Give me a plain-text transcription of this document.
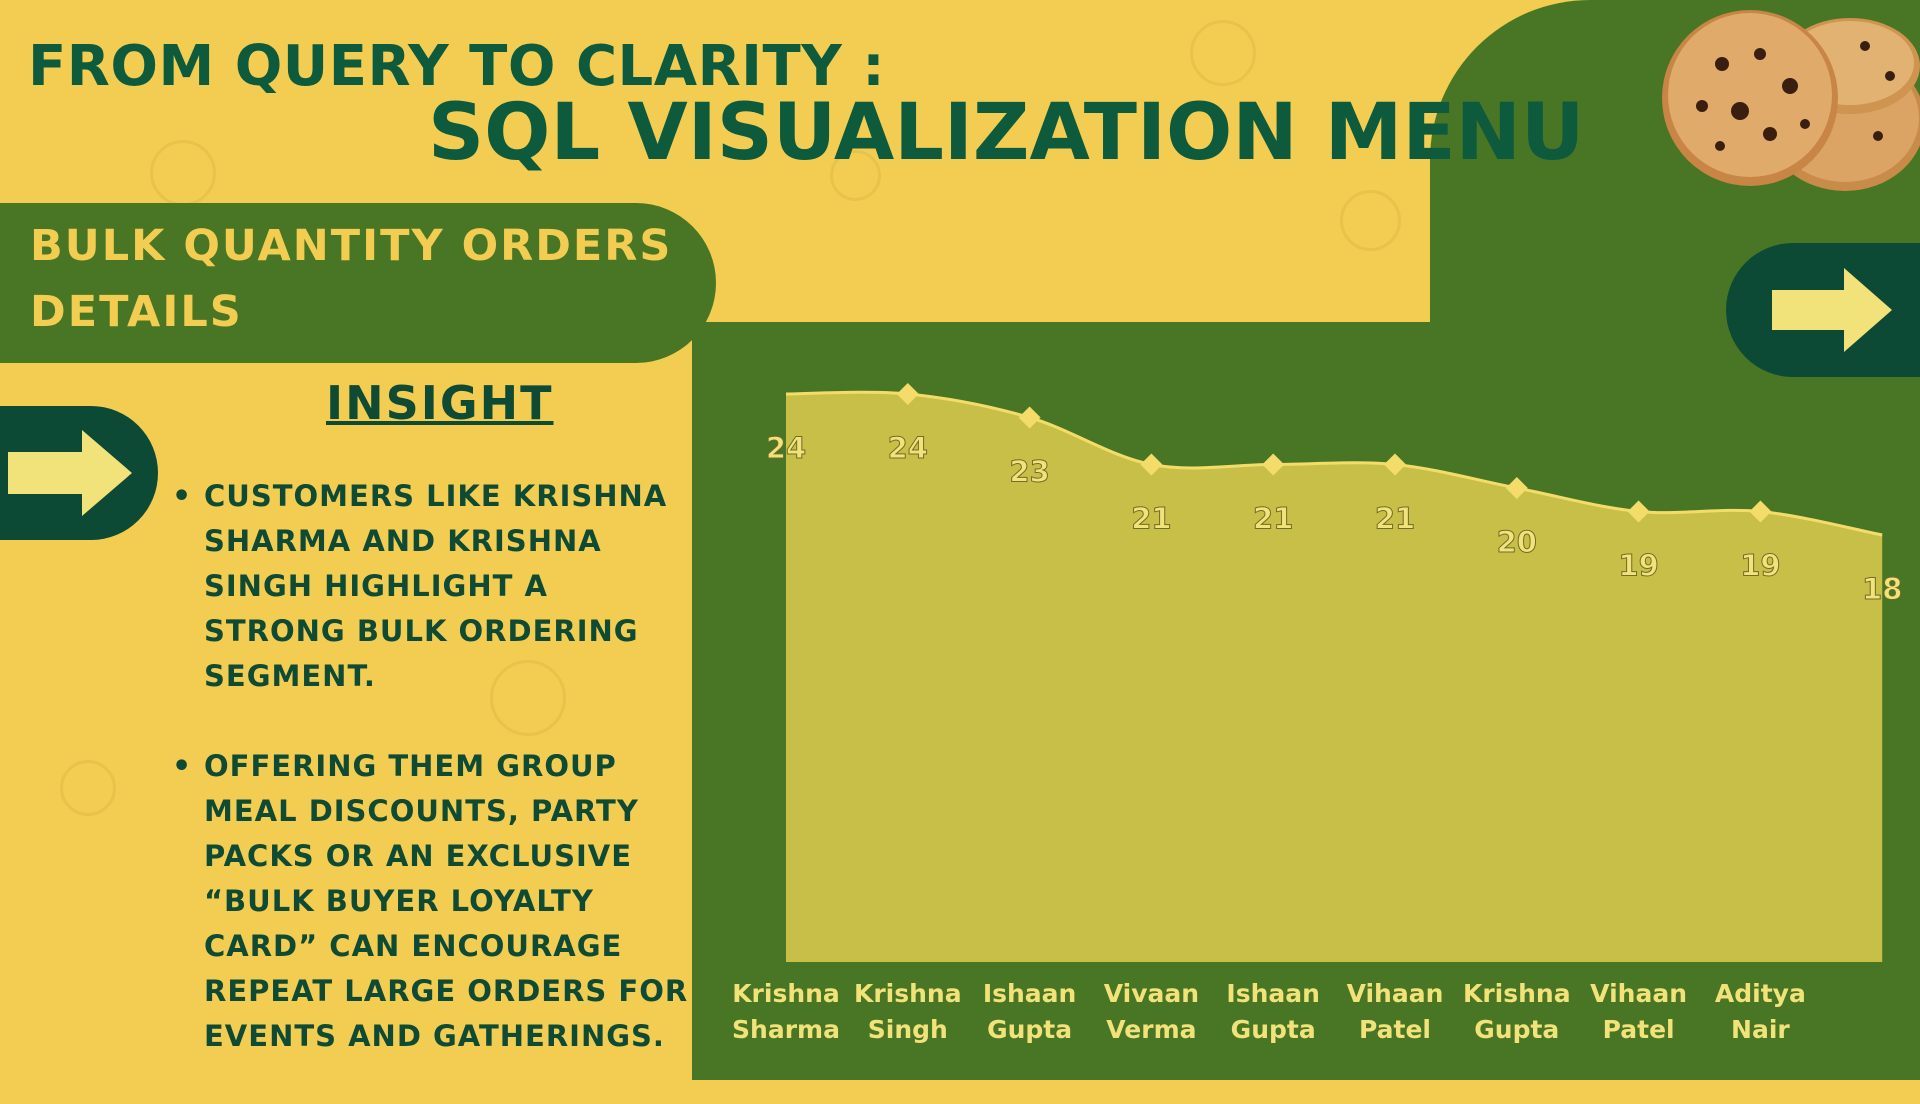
FROM QUERY TO CLARITY :
SQL VISUALIZATION MENU
BULK QUANTITY ORDERS
DETAILS
INSIGHT
• CUSTOMERS LIKE KRISHNA SHARMA AND KRISHNA SINGH HIGHLIGHT A STRONG BULK ORDERING SEGMENT.
• OFFERING THEM GROUP MEAL DISCOUNTS, PARTY PACKS OR AN EXCLUSIVE “BULK BUYER LOYALTY CARD” CAN ENCOURAGE REPEAT LARGE ORDERS FOR EVENTS AND GATHERINGS.
24	24
23
21	21	21
20
19	19
18
Krishna
Sharma
Krishna
Singh
Ishaan
Gupta
Vivaan
Verma
Ishaan
Gupta
Vihaan
Patel
Krishna
Gupta
Vihaan
Patel
Aditya
Nair
